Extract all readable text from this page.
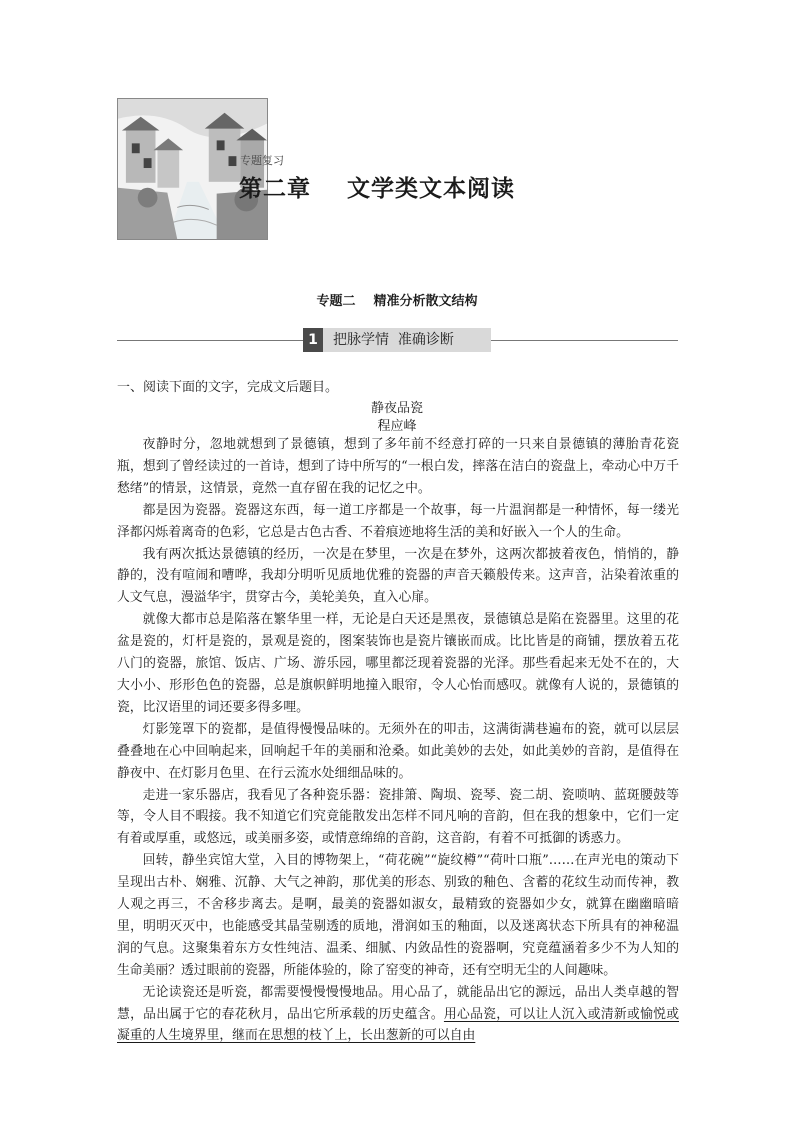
专题复习
第二章    文学类文本阅读
专题二    精准分析散文结构
1	把脉学情  准确诊断
一、阅读下面的文字，完成文后题目。
静夜品瓷
程应峰

夜静时分，忽地就想到了景德镇，想到了多年前不经意打碎的一只来自景德镇的薄胎青花瓷瓶，想到了曾经读过的一首诗，想到了诗中所写的“一根白发，摔落在洁白的瓷盘上，牵动心中万千愁绪”的情景，这情景，竟然一直存留在我的记忆之中。

都是因为瓷器。瓷器这东西，每一道工序都是一个故事，每一片温润都是一种情怀，每一缕光泽都闪烁着离奇的色彩，它总是古色古香、不着痕迹地将生活的美和好嵌入一个人的生命。

我有两次抵达景德镇的经历，一次是在梦里，一次是在梦外，这两次都披着夜色，悄悄的，静静的，没有喧闹和嘈哗，我却分明听见质地优雅的瓷器的声音天籁般传来。这声音，沾染着浓重的人文气息，漫溢华宇，贯穿古今，美轮美奂，直入心扉。

就像大都市总是陷落在繁华里一样，无论是白天还是黑夜，景德镇总是陷在瓷器里。这里的花盆是瓷的，灯杆是瓷的，景观是瓷的，图案装饰也是瓷片镶嵌而成。比比皆是的商铺，摆放着五花八门的瓷器，旅馆、饭店、广场、游乐园，哪里都泛现着瓷器的光泽。那些看起来无处不在的，大大小小、形形色色的瓷器，总是旗帜鲜明地撞入眼帘，令人心怡而感叹。就像有人说的，景德镇的瓷，比汉语里的词还要多得多哩。

灯影笼罩下的瓷都，是值得慢慢品味的。无须外在的叩击，这满街满巷遍布的瓷，就可以层层叠叠地在心中回响起来，回响起千年的美丽和沧桑。如此美妙的去处，如此美妙的音韵，是值得在静夜中、在灯影月色里、在行云流水处细细品味的。

走进一家乐器店，我看见了各种瓷乐器：瓷排箫、陶埙、瓷琴、瓷二胡、瓷唢呐、蓝斑腰鼓等等，令人目不暇接。我不知道它们究竟能散发出怎样不同凡响的音韵，但在我的想象中，它们一定有着或厚重，或悠远，或美丽多姿，或情意绵绵的音韵，这音韵，有着不可抵御的诱惑力。

回转，静坐宾馆大堂，入目的博物架上，“荷花碗”“旋纹樽”“荷叶口瓶”……在声光电的策动下呈现出古朴、娴雅、沉静、大气之神韵，那优美的形态、别致的釉色、含蓄的花纹生动而传神，教人观之再三，不舍移步离去。是啊，最美的瓷器如淑女，最精致的瓷器如少女，就算在幽幽暗暗里，明明灭灭中，也能感受其晶莹剔透的质地，滑润如玉的釉面，以及迷离状态下所具有的神秘温润的气息。这聚集着东方女性纯洁、温柔、细腻、内敛品性的瓷器啊，究竟蕴涵着多少不为人知的生命美丽？透过眼前的瓷器，所能体验的，除了窑变的神奇，还有空明无尘的人间趣味。

无论读瓷还是听瓷，都需要慢慢慢慢地品。用心品了，就能品出它的源远，品出人类卓越的智慧，品出属于它的春花秋月，品出它所承载的历史蕴含。用心品瓷，可以让人沉入或清新或愉悦或凝重的人生境界里，继而在思想的枝丫上，长出葱新的可以自由
